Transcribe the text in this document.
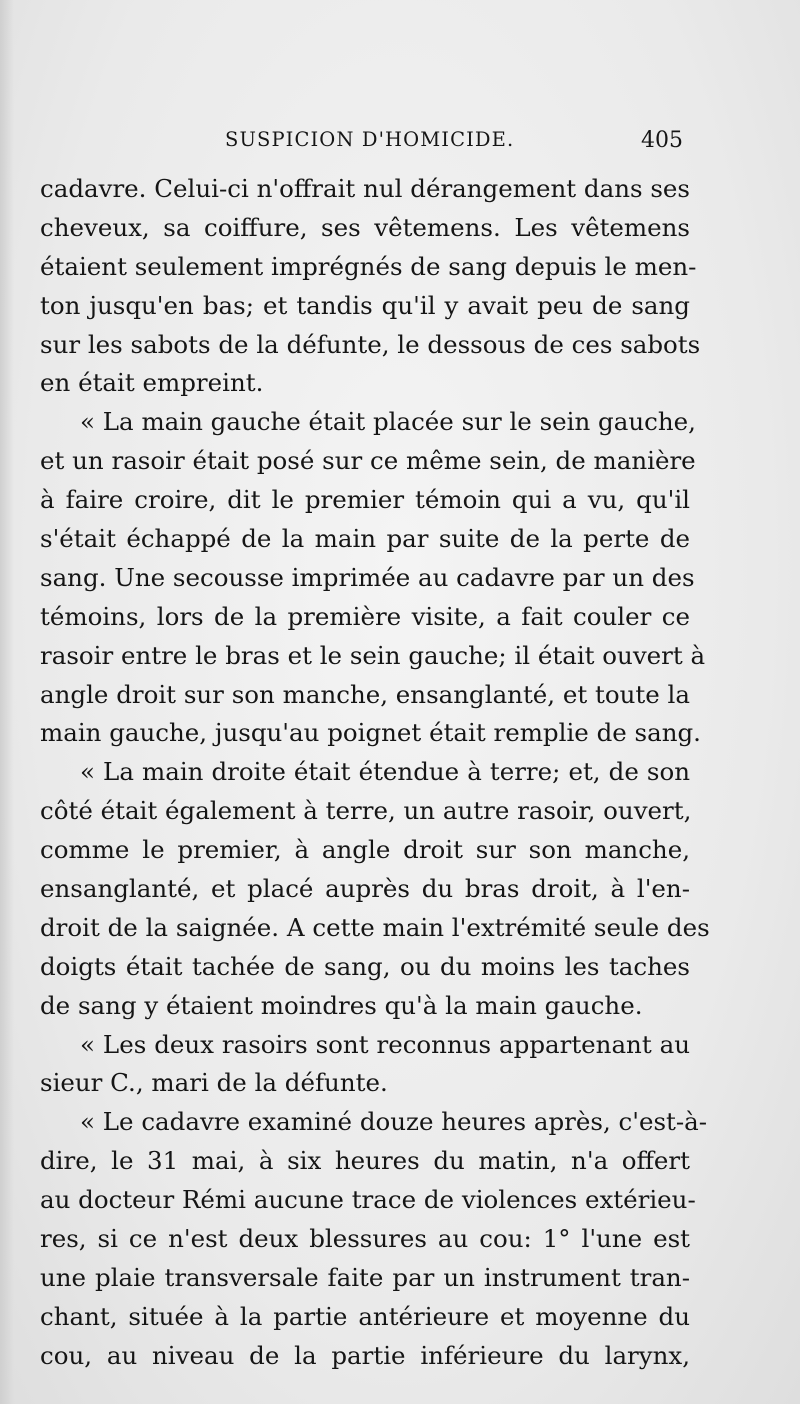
SUSPICION D'HOMICIDE.	405
cadavre. Celui-ci n'offrait nul dérangement dans ses
cheveux, sa coiffure, ses vêtemens. Les vêtemens
étaient seulement imprégnés de sang depuis le men-
ton jusqu'en bas; et tandis qu'il y avait peu de sang
sur les sabots de la défunte, le dessous de ces sabots
en était empreint.
« La main gauche était placée sur le sein gauche,
et un rasoir était posé sur ce même sein, de manière
à faire croire, dit le premier témoin qui a vu, qu'il
s'était échappé de la main par suite de la perte de
sang. Une secousse imprimée au cadavre par un des
témoins, lors de la première visite, a fait couler ce
rasoir entre le bras et le sein gauche; il était ouvert à
angle droit sur son manche, ensanglanté, et toute la
main gauche, jusqu'au poignet était remplie de sang.
« La main droite était étendue à terre; et, de son
côté était également à terre, un autre rasoir, ouvert,
comme le premier, à angle droit sur son manche,
ensanglanté, et placé auprès du bras droit, à l'en-
droit de la saignée. A cette main l'extrémité seule des
doigts était tachée de sang, ou du moins les taches
de sang y étaient moindres qu'à la main gauche.
« Les deux rasoirs sont reconnus appartenant au
sieur C., mari de la défunte.
« Le cadavre examiné douze heures après, c'est-à-
dire, le 31 mai, à six heures du matin, n'a offert
au docteur Rémi aucune trace de violences extérieu-
res, si ce n'est deux blessures au cou: 1° l'une est
une plaie transversale faite par un instrument tran-
chant, située à la partie antérieure et moyenne du
cou, au niveau de la partie inférieure du larynx,
